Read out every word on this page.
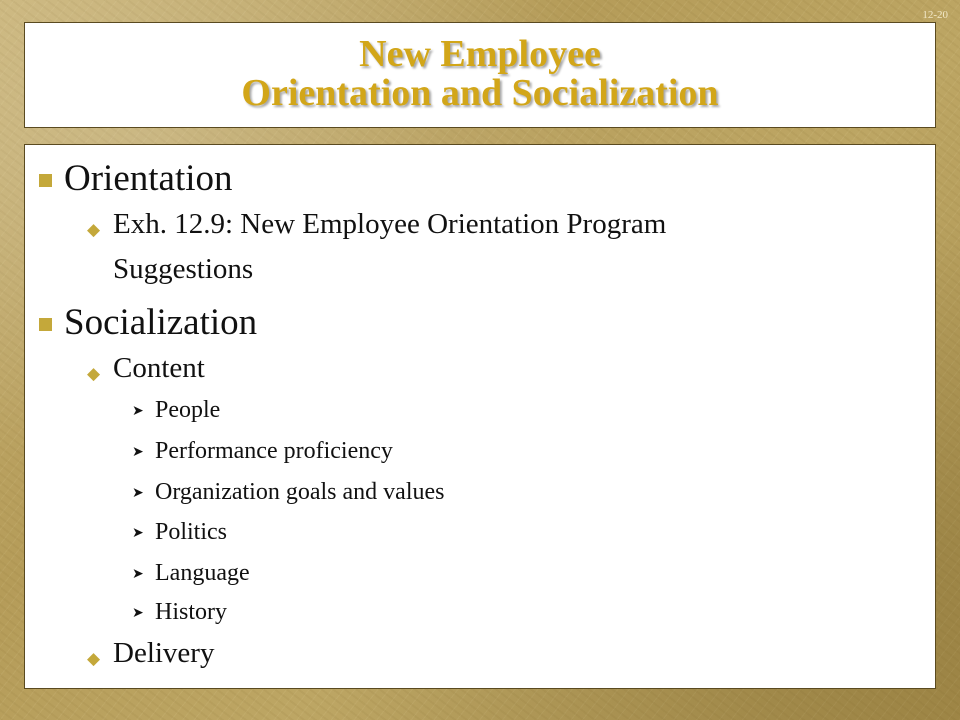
12-20
New Employee
Orientation and Socialization
Orientation
◆ Exh. 12.9: New Employee Orientation Program
Suggestions
Socialization
◆ Content
➤ People
➤ Performance proficiency
➤ Organization goals and values
➤ Politics
➤ Language
➤ History
◆ Delivery
